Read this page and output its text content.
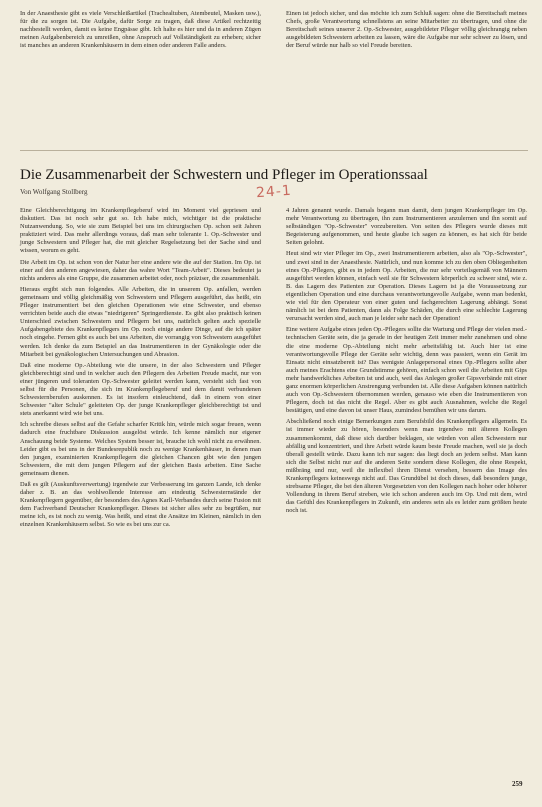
In der Anaesthesie gibt es viele Verschleißartikel (Trachealtuben, Atembeutel, Masken usw.), für die zu sorgen ist. Die Aufgabe, dafür Sorge zu tragen, daß diese Artikel rechtzeitig nachbestellt werden, damit es keine Engpässe gibt. Ich halte es hier und da in anderen Zügen meinen Aufgabenbereich zu umreißen, ohne Anspruch auf Vollständigkeit zu erheben; sicher ist manches an anderen Krankenhäusern in dem einen oder anderen Falle anders.

Einen ist jedoch sicher, und das möchte ich zum Schluß sagen: ohne die Bereitschaft meines Chefs, große Verantwortung schnellstens an seine Mitarbeiter zu übertragen, und ohne die Bereitschaft seines unserer 2. Op.-Schwester, ausgebildeter Pfleger völlig gleichrangig neben ausgebildeten Schwestern arbeiten zu lassen, wäre die Aufgabe nur sehr schwer zu lösen, und der Beruf würde nur halb so viel Freude bereiten.

Die Zusammenarbeit der Schwestern und Pfleger im Operationssaal
Von Wolfgang Stollberg	24-1

Eine Gleichberechtigung im Krankenpflegeberuf wird im Moment viel gepriesen und diskutiert. Das ist noch sehr gut so. Ich habe mich, wichtiger ist die praktische Nutzanwendung. So, wie sie zum Beispiel bei uns im chirurgischen Op. schon seit Jahren praktiziert wird. Das mehr allerdings voraus, daß man sehr tolerante 1. Op.-Schwester und junge Schwestern und Pfleger hat, die mit gleicher Regelsetzung bei der Sache sind und wissen, worum es geht.

Die Arbeit im Op. ist schon von der Natur her eine andere wie die auf der Station. Im Op. ist einer auf den anderen angewiesen, daher das wahre Wort "Team-Arbeit". Dieses bedeutet ja nichts anderes als eine Gruppe, die zusammen arbeitet oder, noch präziser, die zusammenhält.

Hieraus ergibt sich nun folgendes. Alle Arbeiten, die in unserem Op. anfallen, werden gemeinsam und völlig gleichmäßig von Schwestern und Pflegern ausgeführt, das heißt, ein Pfleger instrumentiert bei den gleichen Operationen wie eine Schwester, und ebenso verrichten beide auch die etwas "niedrigeren" Springerdienste. Es gibt also praktisch keinen Unterschied zwischen Schwestern und Pflegern bei uns, natürlich gelten auch spezielle Aufgabengebiete des Krankenpflegers im Op. noch einige andere Dinge, auf die ich später noch eingehe. Fernen gibt es auch bei uns Arbeiten, die vorrangig von Schwestern ausgeführt werden. Ich denke da zum Beispiel an das Instrumentieren in der Gynäkologie oder die Mitarbeit bei gynäkologischen Untersuchungen und Abrasion.

Daß eine moderne Op.-Abteilung wie die unsere, in der also Schwestern und Pfleger gleichberechtigt sind und in welcher auch den Pflegern des Arbeiten Freude macht, nur von einer jüngeren und toleranten Op.-Schwester geleitet werden kann, versteht sich fast von selbst für die Personen, die sich im Krankenpflegeberuf und dem damit verbundenen Schwesternberufen auskennen. Es ist insofern einleuchtend, daß in einem von einer Schwester "alter Schule" geleiteten Op. der junge Krankenpfleger gleichberechtigt ist und stets anerkannt wird wie bei uns.

Ich schreibe dieses selbst auf die Gefahr scharfer Kritik hin, würde mich sogar freuen, wenn dadurch eine fruchtbare Diskussion ausgelöst würde. Ich kenne nämlich nur eigener Anschauung beide Systeme. Welches System besser ist, brauche ich wohl nicht zu erwähnen. Leider gibt es bei uns in der Bundesrepublik noch zu wenige Krankenhäuser, in denen man den jungen, examinierten Krankenpflegern die gleichen Chancen gibt wie den jungen Schwestern, die mit dem jungen Pflegern auf der gleichen Basis arbeiten. Eine Sache gemeinsam dienen.

Daß es gilt (Auskunftsverwertung) irgendwie zur Verbesserung im ganzen Lande, ich denke daher z. B. an das wohlwollende Interesse am eindeutig Schwesternstände der Krankenpflegern gegenüber, der besonders des Agnes Karll-Verbandes durch seine Fusion mit dem Fachverband Deutscher Krankenpfleger. Dieses ist sicher alles sehr zu begrüßen, nur meine ich, es ist noch zu wenig. Was heißt, und einst die Ansätze im Kleinen, nämlich in den einzelnen Krankenhäusern selbst. So wie es bei uns zur ca.

4 Jahren genannt wurde. Damals begann man damit, dem jungen Krankenpfleger im Op. mehr Verantwortung zu übertragen, ihn zum Instrumentieren anzulernen und ihn somit auf selbständigen "Op.-Schwester" vorzubereiten. Von seiten des Pflegers wurde dieses mit Begeisterung aufgenommen, und heute glaube ich sagen zu können, es hat sich für beide Seiten gelohnt.

Heut sind wir vier Pfleger im Op., zwei Instrumentierern arbeiten, also als "Op.-Schwester", und zwei sind in der Anaesthesie. Natürlich, und nun komme ich zu den oben Obliegenheiten eines Op.-Pflegers, gibt es in jedem Op. Arbeiten, die nur sehr vorteilsgemäß von Männern ausgeführt werden können, einfach weil sie für Schwestern körperlich zu schwer sind, wie z. B. das Lagern des Patienten zur Operation. Dieses Lagern ist ja die Voraussetzung zur eigentlichen Operation und eine durchaus verantwortungsvolle Aufgabe, wenn man bedenkt, wie viel für den Operateur von einer guten und fachgerechten Lagerung abhängt. Sonst nämlich ist bei dem Patienten, dann als Folge Schäden, die durch eine schlechte Lagerung verursacht werden sind, auch man je leider sehr nach der Operation!

Eine weitere Aufgabe eines jeden Op.-Pflegers sollte die Wartung und Pflege der vielen med.-technischen Geräte sein, die ja gerade in der heutigen Zeit immer mehr zunehmen und ohne die eine moderne Op.-Abteilung nicht mehr arbeitsfähig ist. Auch hier ist eine verantwortungsvolle Pflege der Geräte sehr wichtig, denn was passiert, wenn ein Gerät im Einsatz nicht einsatzbereit ist? Das wenigste Anlagepersonal eines Op.-Pflegers sollte aber auch meines Erachtens eine Grundstimme gehören, einfach schon weil die Arbeiten mit Gips mehr handwerkliches Arbeiten ist und auch, weil das Anlegen großer Gipsverbände mit einer ganz enormen körperlichen Anstrengung verbunden ist. Alle diese Aufgaben können natürlich auch von Op.-Schwestern übernommen werden, genauso wie eben die Instrumentieren von Pflegern, doch ist das nicht die Regel. Aber es gibt auch Ausnahmen, welche die Regel bestätigen, und eine davon ist unser Haus, zumindest bemühen wir uns darum.

Abschließend noch einige Bemerkungen zum Berufsbild des Krankenpflegers allgemein. Es ist immer wieder zu hören, besonders wenn man irgendwo mit älteren Kollegen zusammenkommt, daß diese sich darüber beklagen, sie würden von allen Schwestern nur abfällig und konzentriert, und ihre Arbeit würde kaum beste Freude machen, weil sie ja doch überall gestellt würde. Dazu kann ich nur sagen: das liegt doch an jedem selbst. Man kann sich die Selbst nicht nur auf die anderen Seite sondern diese Kollegen, die ohne Respekt, mißbräng und nur, weil die inflexibel ihren Dienst versehen, bessern das Image des Krankenpflegers keineswegs nicht auf. Das Grundübel ist doch dieses, daß besonders junge, strebsame Pfleger, die bei den älteren Vorgesetzten von den Kollegen nach hoher oder höherer Vollendung in ihrem Beruf streben, wie ich schon anderen auch im Op. Und mit dem, wird das Gefühl des Krankenpflegers in Zukunft, ein anderes sein als es leider zum größten heute noch ist.

259
